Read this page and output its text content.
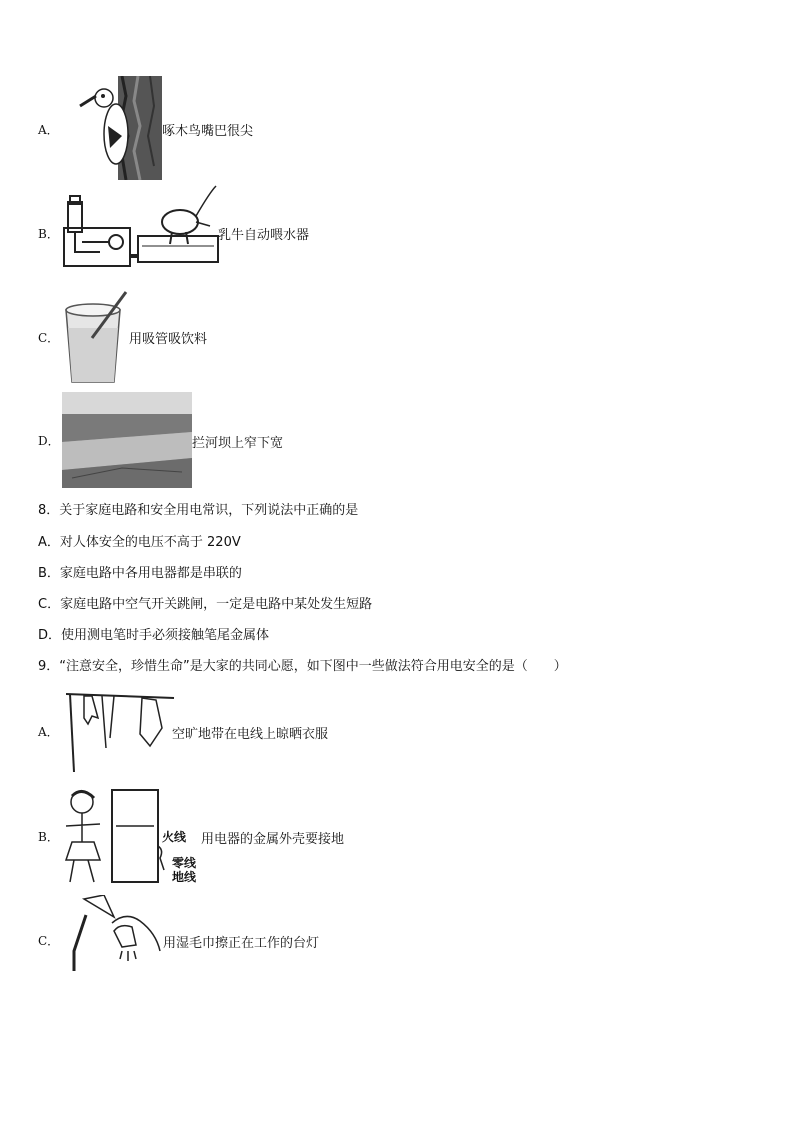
A．	啄木鸟嘴巴很尖
B．	乳牛自动喂水器
C．	用吸管吸饮料
D．	拦河坝上窄下宽
8．关于家庭电路和安全用电常识，下列说法中正确的是
A．对人体安全的电压不高于 220V
B．家庭电路中各用电器都是串联的
C．家庭电路中空气开关跳闸，一定是电路中某处发生短路
D．使用测电笔时手必须接触笔尾金属体
9．“注意安全，珍惜生命”是大家的共同心愿，如下图中一些做法符合用电安全的是（　　）
A．	空旷地带在电线上晾晒衣服
B．	火线
零线
地线
用电器的金属外壳要接地
C．	用湿毛巾擦正在工作的台灯
